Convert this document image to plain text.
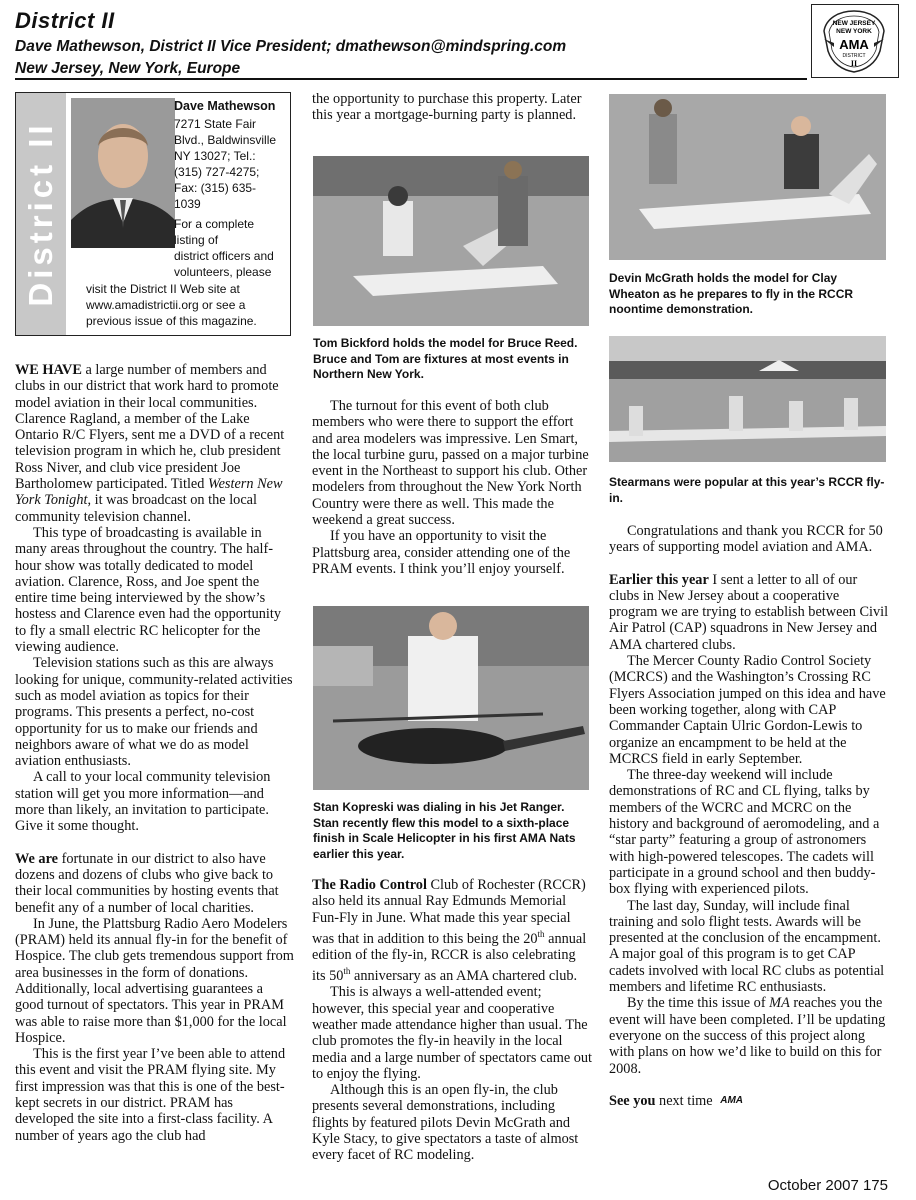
District II
Dave Mathewson, District II Vice President; dmathewson@mindspring.com
New Jersey, New York, Europe
NEW JERSEY
NEW YORK
AMA
DISTRICT
II
District II
Dave Mathewson
7271 State Fair
Blvd., Baldwinsville
NY 13027; Tel.:
(315) 727-4275;
Fax: (315) 635-
1039
For a complete
listing of
district officers and
volunteers, please
visit the District II Web site at
www.amadistrictii.org or see a
previous issue of this magazine.

WE HAVE a large number of members and clubs in our district that work hard to promote model aviation in their local communities. Clarence Ragland, a member of the Lake Ontario R/C Flyers, sent me a DVD of a recent television program in which he, club president Ross Niver, and club vice president Joe Bartholomew participated. Titled Western New York Tonight, it was broadcast on the local community television channel.

This type of broadcasting is available in many areas throughout the country. The half-hour show was totally dedicated to model aviation. Clarence, Ross, and Joe spent the entire time being interviewed by the show’s hostess and Clarence even had the opportunity to fly a small electric RC helicopter for the viewing audience.

Television stations such as this are always looking for unique, community-related activities such as model aviation as topics for their programs. This presents a perfect, no-cost opportunity for us to make our friends and neighbors aware of what we do as model aviation enthusiasts.

A call to your local community television station will get you more information—and more than likely, an invitation to participate. Give it some thought.

We are fortunate in our district to also have dozens and dozens of clubs who give back to their local communities by hosting events that benefit any of a number of local charities.

In June, the Plattsburg Radio Aero Modelers (PRAM) held its annual fly-in for the benefit of Hospice. The club gets tremendous support from area businesses in the form of donations. Additionally, local advertising guarantees a good turnout of spectators. This year in PRAM was able to raise more than $1,000 for the local Hospice.

This is the first year I’ve been able to attend this event and visit the PRAM flying site. My first impression was that this is one of the best-kept secrets in our district. PRAM has developed the site into a first-class facility. A number of years ago the club had

the opportunity to purchase this property. Later this year a mortgage-burning party is planned.

Tom Bickford holds the model for Bruce Reed. Bruce and Tom are fixtures at most events in Northern New York.

The turnout for this event of both club members who were there to support the effort and area modelers was impressive. Len Smart, the local turbine guru, passed on a major turbine event in the Northeast to support his club. Other modelers from throughout the New York North Country were there as well. This made the weekend a great success.

If you have an opportunity to visit the Plattsburg area, consider attending one of the PRAM events. I think you’ll enjoy yourself.

Stan Kopreski was dialing in his Jet Ranger. Stan recently flew this model to a sixth-place finish in Scale Helicopter in his first AMA Nats earlier this year.

The Radio Control Club of Rochester (RCCR) also held its annual Ray Edmunds Memorial Fun-Fly in June. What made this year special was that in addition to this being the 20th annual edition of the fly-in, RCCR is also celebrating its 50th anniversary as an AMA chartered club.

This is always a well-attended event; however, this special year and cooperative weather made attendance higher than usual. The club promotes the fly-in heavily in the local media and a large number of spectators came out to enjoy the flying.

Although this is an open fly-in, the club presents several demonstrations, including flights by featured pilots Devin McGrath and Kyle Stacy, to give spectators a taste of almost every facet of RC modeling.

Devin McGrath holds the model for Clay Wheaton as he prepares to fly in the RCCR noontime demonstration.
Stearmans were popular at this year’s RCCR fly-in.

Congratulations and thank you RCCR for 50 years of supporting model aviation and AMA.

Earlier this year I sent a letter to all of our clubs in New Jersey about a cooperative program we are trying to establish between Civil Air Patrol (CAP) squadrons in New Jersey and AMA chartered clubs.

The Mercer County Radio Control Society (MCRCS) and the Washington’s Crossing RC Flyers Association jumped on this idea and have been working together, along with CAP Commander Captain Ulric Gordon-Lewis to organize an encampment to be held at the MCRCS field in early September.

The three-day weekend will include demonstrations of RC and CL flying, talks by members of the WCRC and MCRC on the history and background of aeromodeling, and a “star party” featuring a group of astronomers with high-powered telescopes. The cadets will participate in a ground school and then buddy-box flying with experienced pilots.

The last day, Sunday, will include final training and solo flight tests. Awards will be presented at the conclusion of the encampment. A major goal of this program is to get CAP cadets involved with local RC clubs as potential members and lifetime RC enthusiasts.

By the time this issue of MA reaches you the event will have been completed. I’ll be updating everyone on the success of this project along with plans on how we’d like to build on this for 2008.

See you next time AMA

October 2007 175
